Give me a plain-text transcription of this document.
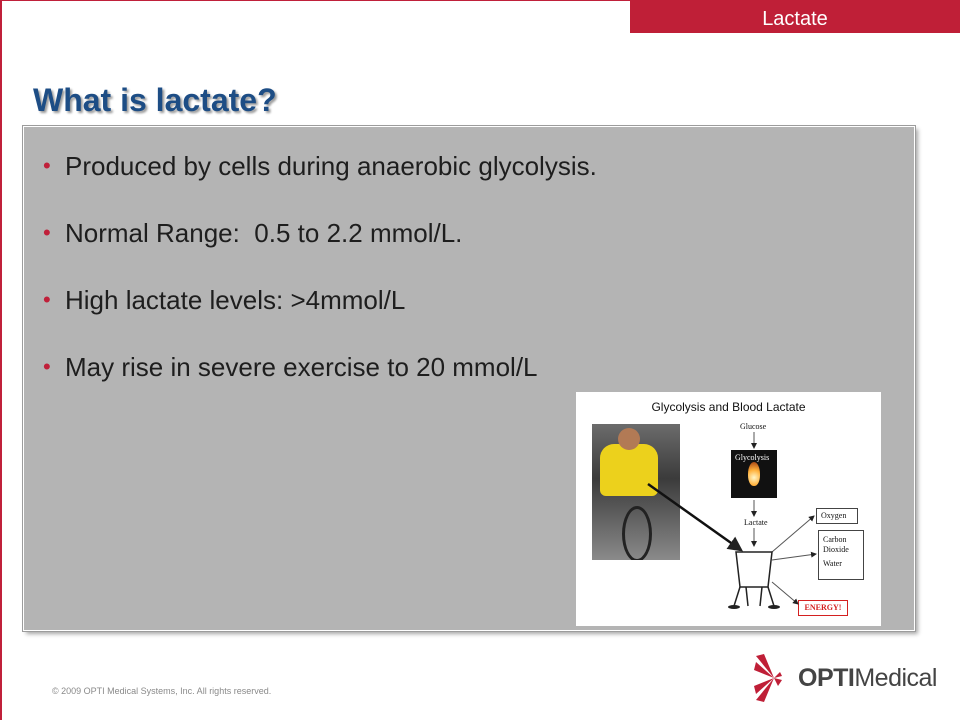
Lactate
What is lactate?
• Produced by cells during anaerobic glycolysis.
• Normal Range:  0.5 to 2.2 mmol/L.
• High lactate levels: >4mmol/L
• May rise in severe exercise to 20 mmol/L
Glycolysis and Blood Lactate
Glucose
Glycolysis
Lactate
Oxygen
Carbon
Dioxide
Water
ENERGY!
© 2009 OPTI Medical Systems, Inc. All rights reserved.	OPTIMedical
